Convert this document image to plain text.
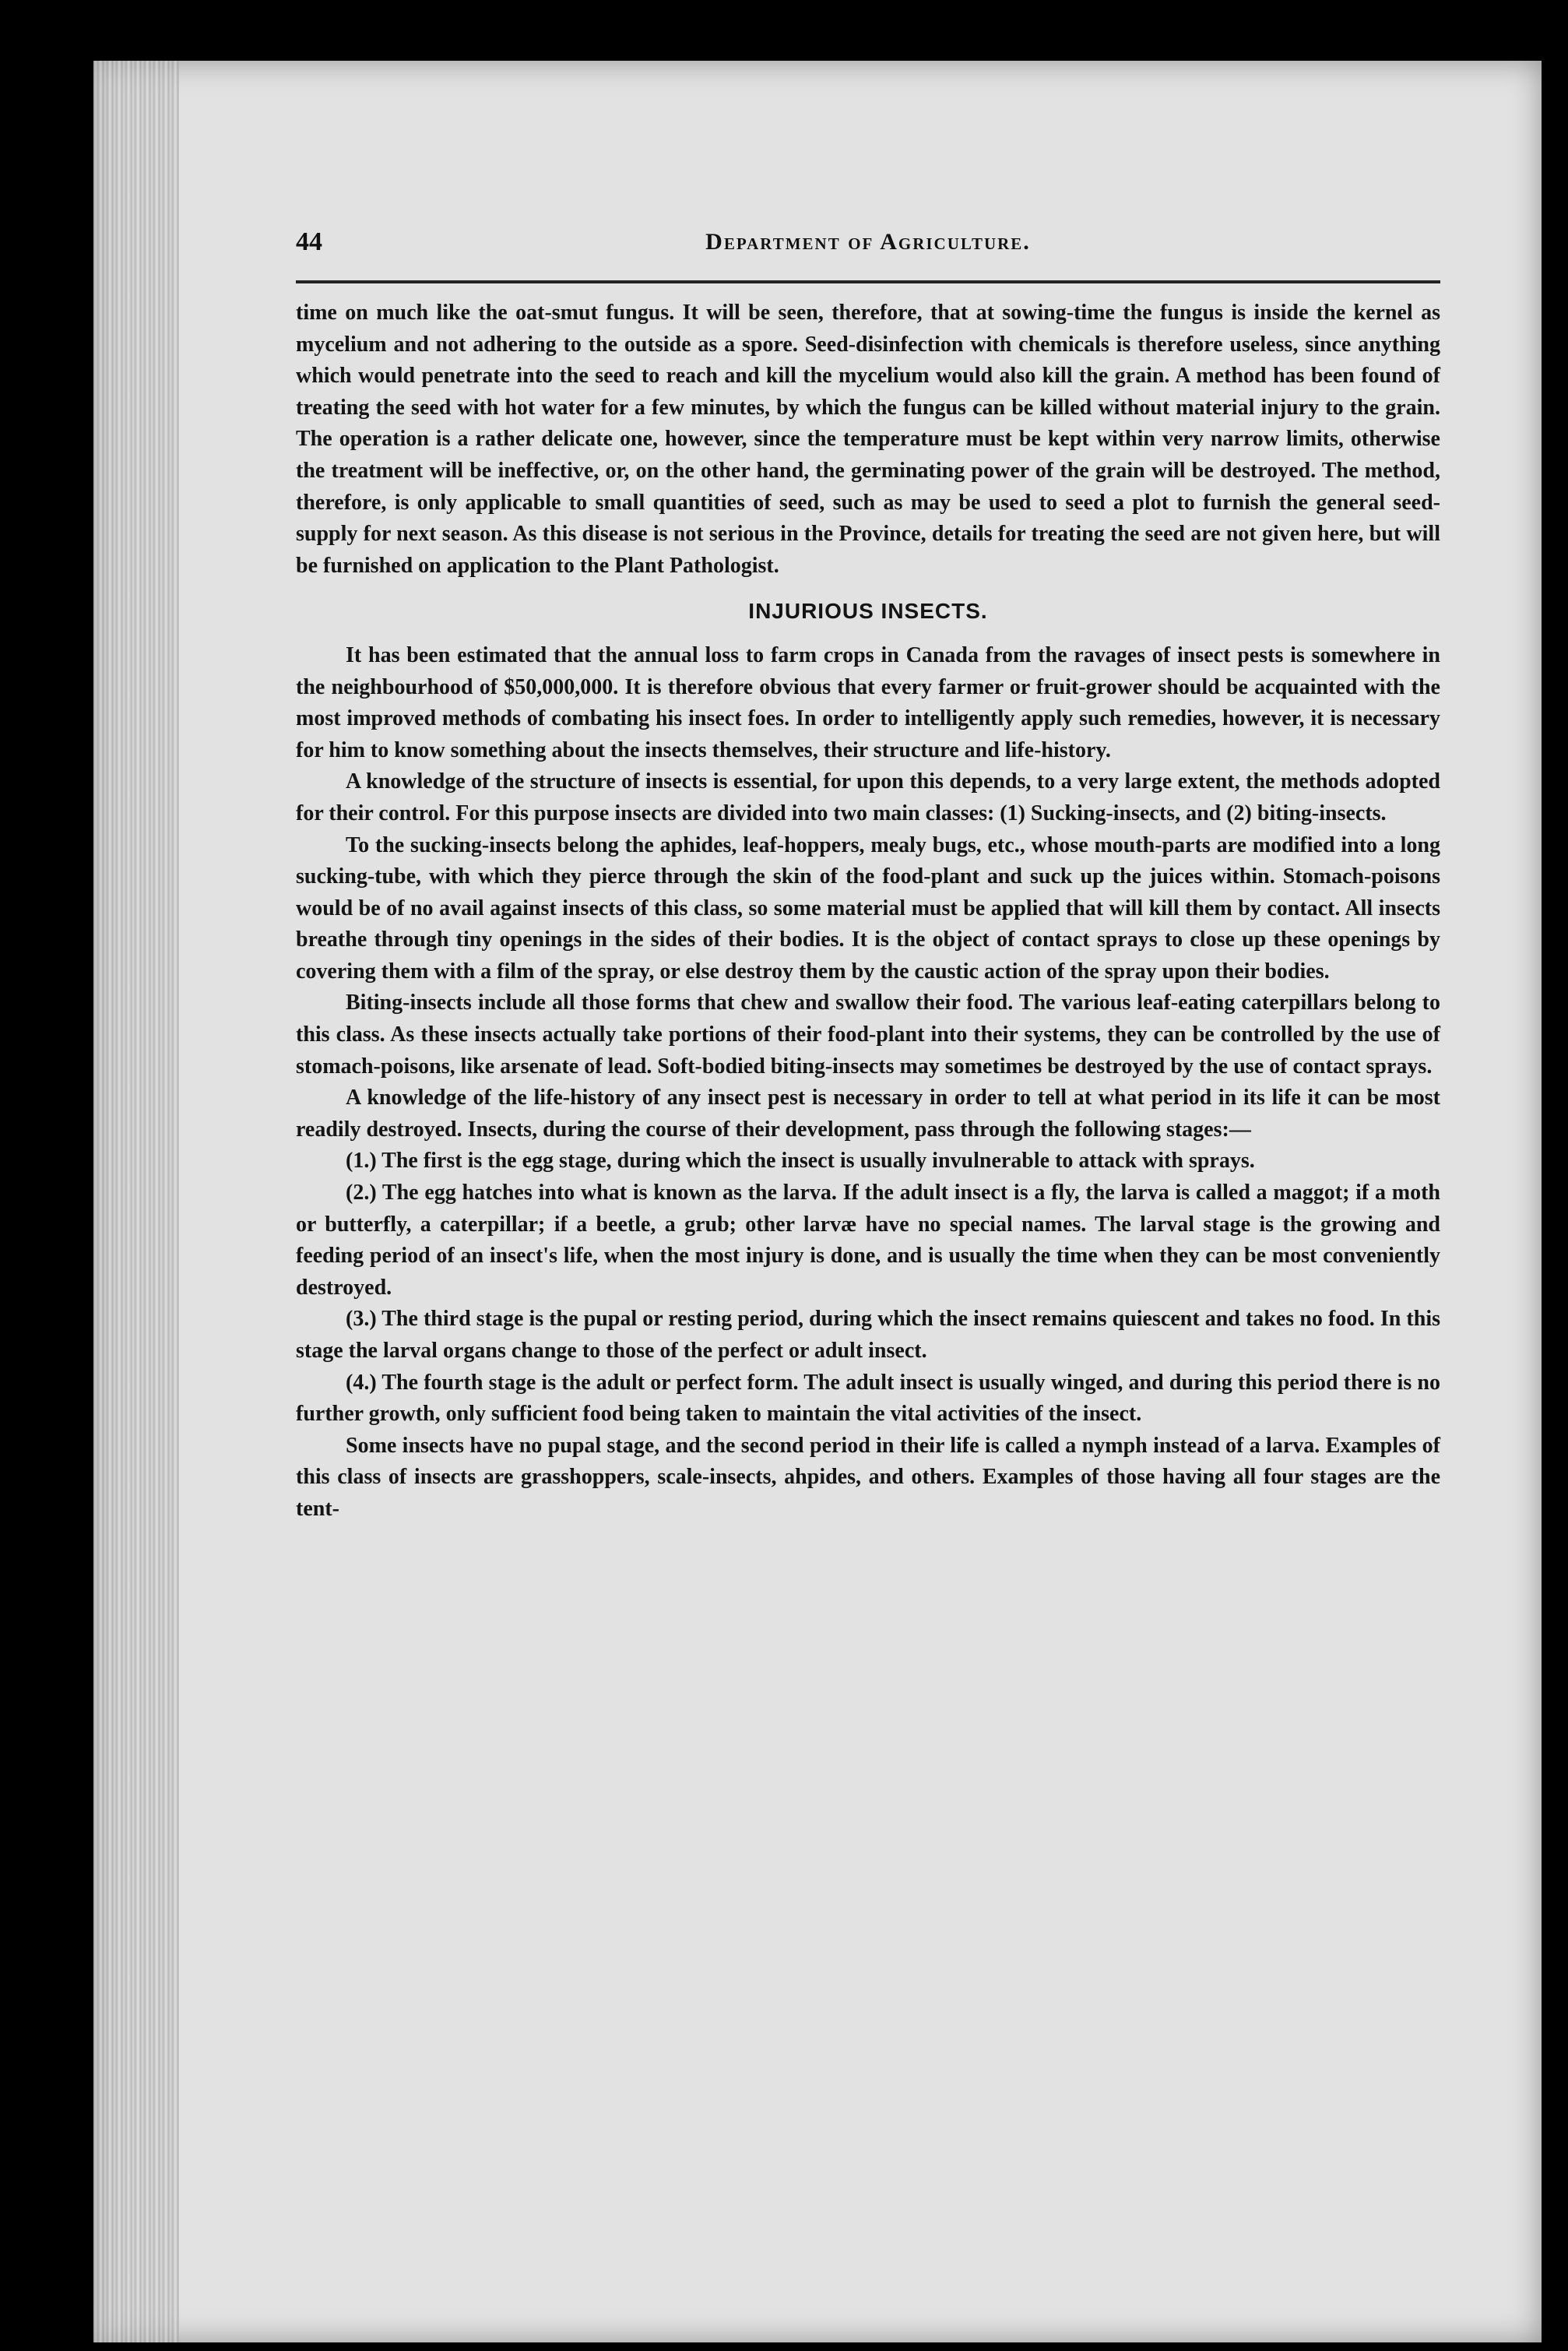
44	Department of Agriculture.

time on much like the oat-smut fungus. It will be seen, therefore, that at sowing-time the fungus is inside the kernel as mycelium and not adhering to the outside as a spore. Seed-disinfection with chemicals is therefore useless, since anything which would penetrate into the seed to reach and kill the mycelium would also kill the grain. A method has been found of treating the seed with hot water for a few minutes, by which the fungus can be killed without material injury to the grain. The operation is a rather delicate one, however, since the temperature must be kept within very narrow limits, otherwise the treatment will be ineffective, or, on the other hand, the germinating power of the grain will be destroyed. The method, therefore, is only applicable to small quantities of seed, such as may be used to seed a plot to furnish the general seed-supply for next season. As this disease is not serious in the Province, details for treating the seed are not given here, but will be furnished on application to the Plant Pathologist.

INJURIOUS INSECTS.

It has been estimated that the annual loss to farm crops in Canada from the ravages of insect pests is somewhere in the neighbourhood of $50,000,000. It is therefore obvious that every farmer or fruit-grower should be acquainted with the most improved methods of combating his insect foes. In order to intelligently apply such remedies, however, it is necessary for him to know something about the insects themselves, their structure and life-history.

A knowledge of the structure of insects is essential, for upon this depends, to a very large extent, the methods adopted for their control. For this purpose insects are divided into two main classes: (1) Sucking-insects, and (2) biting-insects.

To the sucking-insects belong the aphides, leaf-hoppers, mealy bugs, etc., whose mouth-parts are modified into a long sucking-tube, with which they pierce through the skin of the food-plant and suck up the juices within. Stomach-poisons would be of no avail against insects of this class, so some material must be applied that will kill them by contact. All insects breathe through tiny openings in the sides of their bodies. It is the object of contact sprays to close up these openings by covering them with a film of the spray, or else destroy them by the caustic action of the spray upon their bodies.

Biting-insects include all those forms that chew and swallow their food. The various leaf-eating caterpillars belong to this class. As these insects actually take portions of their food-plant into their systems, they can be controlled by the use of stomach-poisons, like arsenate of lead. Soft-bodied biting-insects may sometimes be destroyed by the use of contact sprays.

A knowledge of the life-history of any insect pest is necessary in order to tell at what period in its life it can be most readily destroyed. Insects, during the course of their development, pass through the following stages:—

(1.) The first is the egg stage, during which the insect is usually invulnerable to attack with sprays.

(2.) The egg hatches into what is known as the larva. If the adult insect is a fly, the larva is called a maggot; if a moth or butterfly, a caterpillar; if a beetle, a grub; other larvæ have no special names. The larval stage is the growing and feeding period of an insect's life, when the most injury is done, and is usually the time when they can be most conveniently destroyed.

(3.) The third stage is the pupal or resting period, during which the insect remains quiescent and takes no food. In this stage the larval organs change to those of the perfect or adult insect.

(4.) The fourth stage is the adult or perfect form. The adult insect is usually winged, and during this period there is no further growth, only sufficient food being taken to maintain the vital activities of the insect.

Some insects have no pupal stage, and the second period in their life is called a nymph instead of a larva. Examples of this class of insects are grasshoppers, scale-insects, ahpides, and others. Examples of those having all four stages are the tent-
